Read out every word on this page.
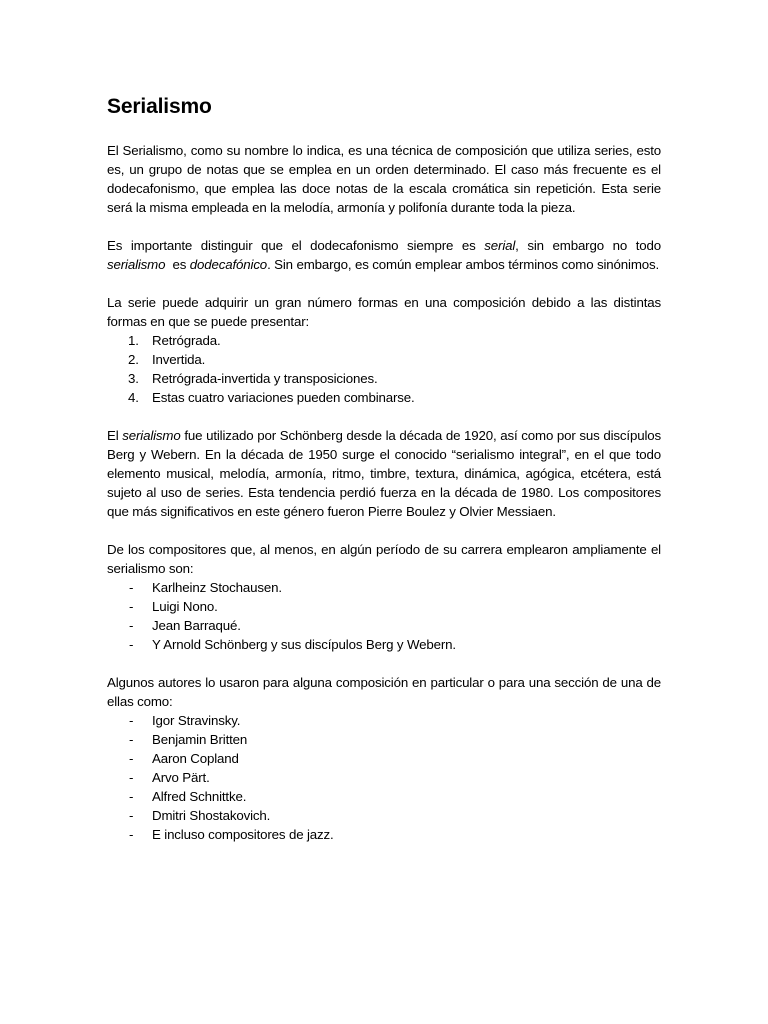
Serialismo

El Serialismo, como su nombre lo indica, es una técnica de composición que utiliza series, esto es, un grupo de notas que se emplea en un orden determinado. El caso más frecuente es el dodecafonismo, que emplea las doce notas de la escala cromática sin repetición. Esta serie será la misma empleada en la melodía, armonía y polifonía durante toda la pieza.

Es importante distinguir que el dodecafonismo siempre es serial, sin embargo no todo serialismo  es dodecafónico. Sin embargo, es común emplear ambos términos como sinónimos.

La serie puede adquirir un gran número formas en una composición debido a las distintas formas en que se puede presentar:

1. Retrógrada.
2. Invertida.
3. Retrógrada-invertida y transposiciones.
4. Estas cuatro variaciones pueden combinarse.

El serialismo fue utilizado por Schönberg desde la década de 1920, así como por sus discípulos Berg y Webern. En la década de 1950 surge el conocido “serialismo integral”, en el que todo elemento musical, melodía, armonía, ritmo, timbre, textura, dinámica, agógica, etcétera, está sujeto al uso de series. Esta tendencia perdió fuerza en la década de 1980. Los compositores que más significativos en este género fueron Pierre Boulez y Olvier Messiaen.

De los compositores que, al menos, en algún período de su carrera emplearon ampliamente el serialismo son:

- Karlheinz Stochausen.
- Luigi Nono.
- Jean Barraqué.
- Y Arnold Schönberg y sus discípulos Berg y Webern.

Algunos autores lo usaron para alguna composición en particular o para una sección de una de ellas como:

- Igor Stravinsky.
- Benjamin Britten
- Aaron Copland
- Arvo Pärt.
- Alfred Schnittke.
- Dmitri Shostakovich.
- E incluso compositores de jazz.
